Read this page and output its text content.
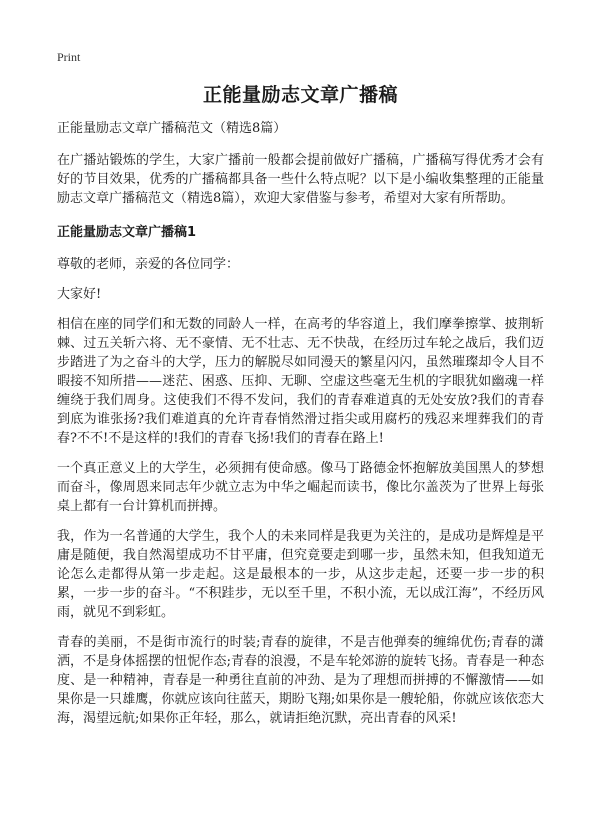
Print
正能量励志文章广播稿

正能量励志文章广播稿范文（精选8篇）

在广播站锻炼的学生，大家广播前一般都会提前做好广播稿，广播稿写得优秀才会有好的节目效果，优秀的广播稿都具备一些什么特点呢？以下是小编收集整理的正能量励志文章广播稿范文（精选8篇），欢迎大家借鉴与参考，希望对大家有所帮助。

正能量励志文章广播稿1

尊敬的老师，亲爱的各位同学：

大家好!

相信在座的同学们和无数的同龄人一样，在高考的华容道上，我们摩拳擦掌、披荆斩棘、过五关斩六将、无不豪情、无不壮志、无不快哉，在经历过车轮之战后，我们迈步踏进了为之奋斗的大学，压力的解脱尽如同漫天的繁星闪闪，虽然璀璨却令人目不暇接不知所措——迷茫、困惑、压抑、无聊、空虚这些毫无生机的字眼犹如幽魂一样缠绕于我们周身。这使我们不得不发问，我们的青春难道真的无处安放?我们的青春到底为谁张扬?我们难道真的允许青春悄然滑过指尖或用腐朽的残忍来埋葬我们的青春?不不!不是这样的!我们的青春飞扬!我们的青春在路上!

一个真正意义上的大学生，必须拥有使命感。像马丁路德金怀抱解放美国黑人的梦想而奋斗，像周恩来同志年少就立志为中华之崛起而读书，像比尔盖茨为了世界上每张桌上都有一台计算机而拼搏。

我，作为一名普通的大学生，我个人的未来同样是我更为关注的，是成功是辉煌是平庸是随便，我自然渴望成功不甘平庸，但究竟要走到哪一步，虽然未知，但我知道无论怎么走都得从第一步走起。这是最根本的一步，从这步走起，还要一步一步的积累，一步一步的奋斗。“不积跬步，无以至千里，不积小流，无以成江海”，不经历风雨，就见不到彩虹。

青春的美丽，不是街市流行的时装;青春的旋律，不是吉他弹奏的缠绵优伤;青春的潇洒，不是身体摇摆的忸怩作态;青春的浪漫，不是车轮郊游的旋转飞扬。青春是一种态度、是一种精神，青春是一种勇往直前的冲劲、是为了理想而拼搏的不懈激情——如果你是一只雄鹰，你就应该向往蓝天，期盼飞翔;如果你是一艘轮船，你就应该依恋大海，渴望远航;如果你正年轻，那么，就请拒绝沉默，亮出青春的风采!
